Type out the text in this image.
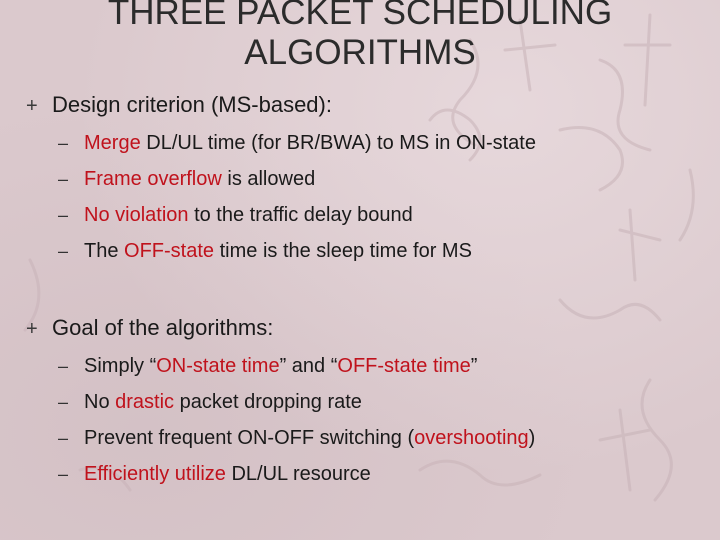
THREE PACKET SCHEDULING
ALGORITHMS
+ Design criterion (MS-based):
– Merge DL/UL time (for BR/BWA) to MS in ON-state
– Frame overflow is allowed
– No violation to the traffic delay bound
– The OFF-state time is the sleep time for MS
+ Goal of the algorithms:
– Simply “ON-state time” and “OFF-state time”
– No drastic packet dropping rate
– Prevent frequent ON-OFF switching (overshooting)
– Efficiently utilize DL/UL resource
